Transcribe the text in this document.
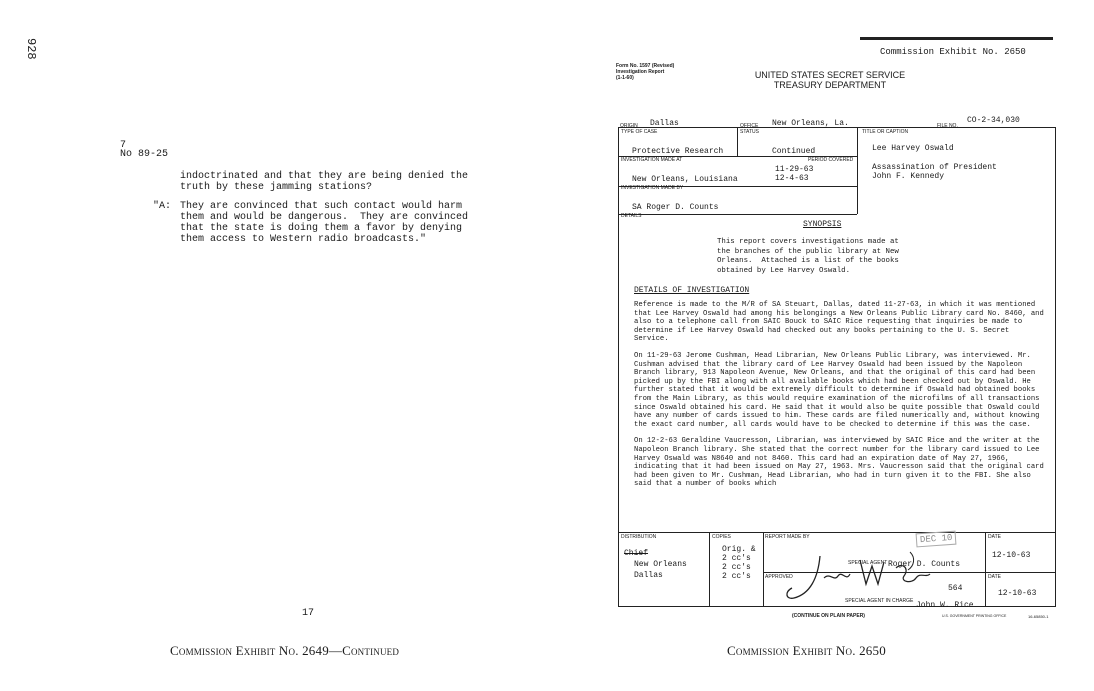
928
7
No 89-25
indoctrinated and that they are being denied the
truth by these jamming stations?
"A: They are convinced that such contact would harm
them and would be dangerous.  They are convinced
that the state is doing them a favor by denying
them access to Western radio broadcasts."
17
Commission Exhibit No. 2649—Continued
Commission Exhibit No. 2650
Form No. 1597 (Revised)
Investigation Report
(1-1-60)	UNITED STATES SECRET SERVICE
TREASURY DEPARTMENT
ORIGIN Dallas	OFFICE New Orleans, La.	FILE NO.
CO-2-34,030
TYPE OF CASE
Protective Research
STATUS
Continued
TITLE OR CAPTION
Lee Harvey Oswald
Assassination of President
John F. Kennedy
INVESTIGATION MADE AT
New Orleans, Louisiana
PERIOD COVERED
11-29-63
12-4-63
INVESTIGATION MADE BY
SA Roger D. Counts
DETAILS
SYNOPSIS
This report covers investigations made at
the branches of the public library at New
Orleans.  Attached is a list of the books
obtained by Lee Harvey Oswald.
DETAILS OF INVESTIGATION

Reference is made to the M/R of SA Steuart, Dallas, dated 11-27-63, in which it was mentioned that Lee Harvey Oswald had among his belongings a New Orleans Public Library card No. 8460, and also to a telephone call from SAIC Bouck to SAIC Rice requesting that inquiries be made to determine if Lee Harvey Oswald had checked out any books pertaining to the U. S. Secret Service.

On 11-29-63 Jerome Cushman, Head Librarian, New Orleans Public Library, was interviewed. Mr. Cushman advised that the library card of Lee Harvey Oswald had been issued by the Napoleon Branch library, 913 Napoleon Avenue, New Orleans, and that the original of this card had been picked up by the FBI along with all available books which had been checked out by Oswald. He further stated that it would be extremely difficult to determine if Oswald had obtained books from the Main Library, as this would require examination of the microfilms of all transactions since Oswald obtained his card. He said that it would also be quite possible that Oswald could have any number of cards issued to him. These cards are filed numerically and, without knowing the exact card number, all cards would have to be checked to determine if this was the case.

On 12-2-63 Geraldine Vaucresson, Librarian, was interviewed by SAIC Rice and the writer at the Napoleon Branch library. She stated that the correct number for the library card issued to Lee Harvey Oswald was N8640 and not 8460. This card had an expiration date of May 27, 1966, indicating that it had been issued on May 27, 1963. Mrs. Vaucresson said that the original card had been given to Mr. Cushman, Head Librarian, who had in turn given it to the FBI. She also said that a number of books which

DISTRIBUTION
Chief
New Orleans
Dallas
COPIES
Orig. &
2 cc's
2 cc's
2 cc's
REPORT MADE BY	DEC 10
SPECIAL AGENT Roger D. Counts
DATE
12-10-63
APPROVED
564
SPECIAL AGENT IN CHARGE John W. Rice
DATE
12-10-63
(CONTINUE ON PLAIN PAPER)	U.S. GOVERNMENT PRINTING OFFICE	16-65850-1
Commission Exhibit No. 2650
